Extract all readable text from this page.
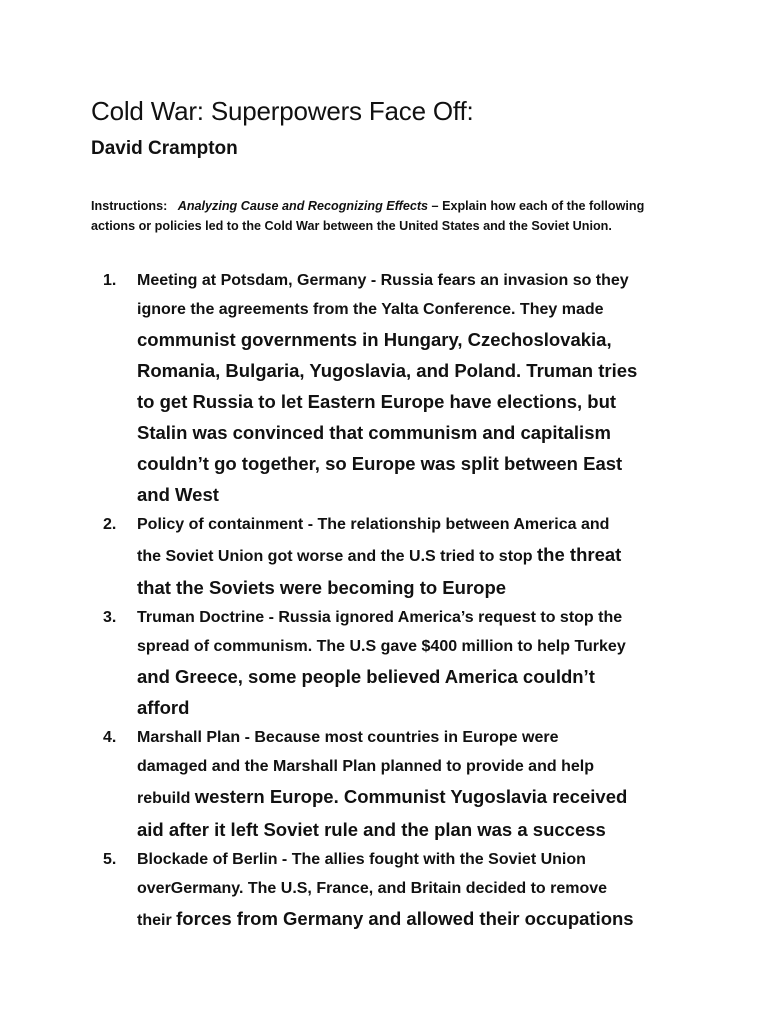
Cold War: Superpowers Face Off:
David Crampton

Instructions: Analyzing Cause and Recognizing Effects – Explain how each of the following
actions or policies led to the Cold War between the United States and the Soviet Union.

1. Meeting at Potsdam, Germany - Russia fears an invasion so they
ignore the agreements from the Yalta Conference. They made
communist governments in Hungary, Czechoslovakia,
Romania, Bulgaria, Yugoslavia, and Poland. Truman tries
to get Russia to let Eastern Europe have elections, but
Stalin was convinced that communism and capitalism
couldn’t go together, so Europe was split between East
and West
2. Policy of containment - The relationship between America and
the Soviet Union got worse and the U.S tried to stop the threat
that the Soviets were becoming to Europe
3. Truman Doctrine - Russia ignored America’s request to stop the
spread of communism. The U.S gave $400 million to help Turkey
and Greece, some people believed America couldn’t
afford
4. Marshall Plan - Because most countries in Europe were
damaged and the Marshall Plan planned to provide and help
rebuild western Europe. Communist Yugoslavia received
aid after it left Soviet rule and the plan was a success
5. Blockade of Berlin - The allies fought with the Soviet Union
overGermany. The U.S, France, and Britain decided to remove
their forces from Germany and allowed their occupations
